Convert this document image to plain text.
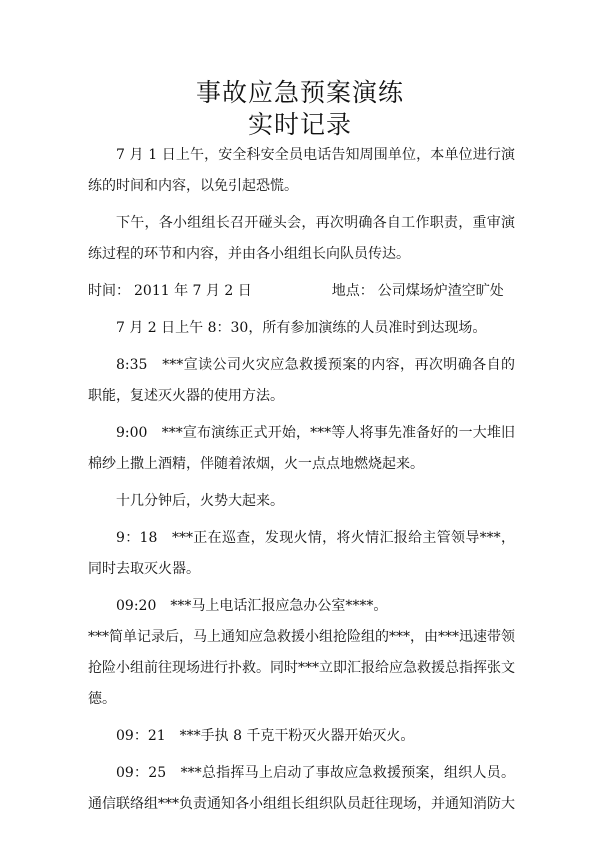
事故应急预案演练
实时记录

7 月 1 日上午，安全科安全员电话告知周围单位，本单位进行演练的时间和内容，以免引起恐慌。

下午，各小组组长召开碰头会，再次明确各自工作职责，重审演练过程的环节和内容，并由各小组组长向队员传达。

时间： 2011 年 7 月 2 日	地点： 公司煤场炉渣空旷处

7 月 2 日上午 8：30，所有参加演练的人员准时到达现场。

8:35　***宣读公司火灾应急救援预案的内容，再次明确各自的职能，复述灭火器的使用方法。

9:00　***宣布演练正式开始，***等人将事先准备好的一大堆旧棉纱上撒上酒精，伴随着浓烟，火一点点地燃烧起来。

十几分钟后，火势大起来。

9：18　***正在巡查，发现火情，将火情汇报给主管领导***，同时去取灭火器。

09:20　***马上电话汇报应急办公室****。

***简单记录后，马上通知应急救援小组抢险组的***，由***迅速带领抢险小组前往现场进行扑救。同时***立即汇报给应急救援总指挥张文德。

09：21　***手执 8 千克干粉灭火器开始灭火。

09：25　***总指挥马上启动了事故应急救援预案，组织人员。通信联络组***负责通知各小组组长组织队员赶往现场，并通知消防大
